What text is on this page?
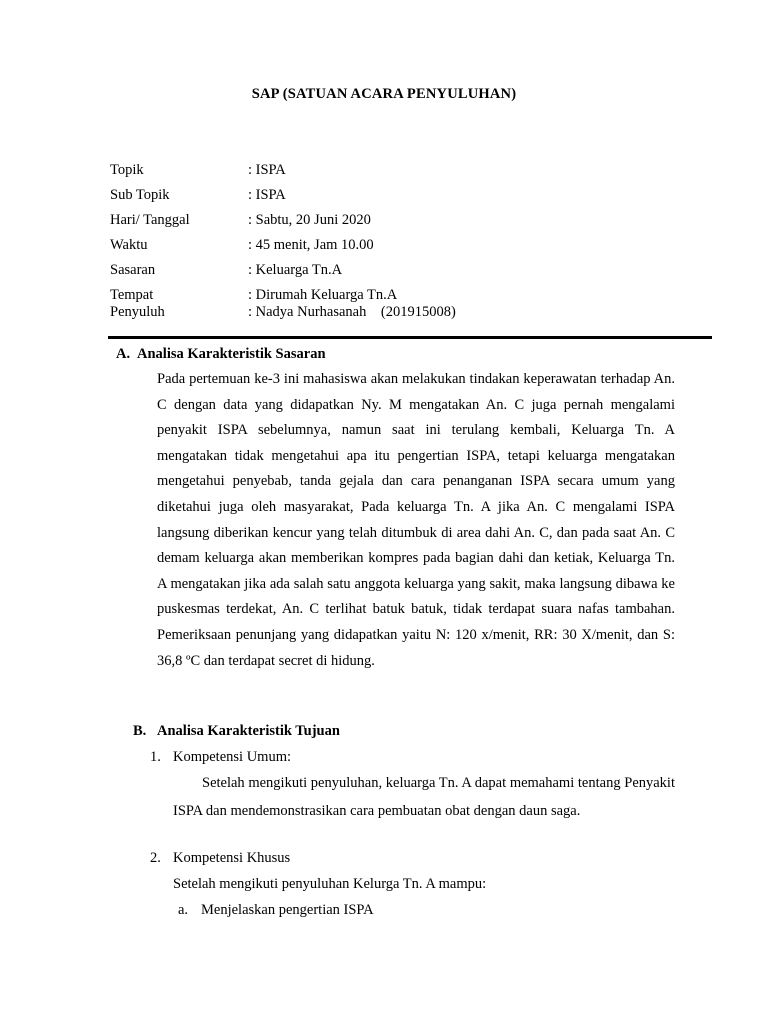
SAP (SATUAN ACARA PENYULUHAN)
Topik	: ISPA
Sub Topik	: ISPA
Hari/ Tanggal	: Sabtu, 20 Juni 2020
Waktu	: 45 menit, Jam 10.00
Sasaran	: Keluarga Tn.A
Tempat	: Dirumah Keluarga Tn.A
Penyuluh	: Nadya Nurhasanah    (201915008)
A. Analisa Karakteristik Sasaran

Pada pertemuan ke-3 ini mahasiswa akan melakukan tindakan keperawatan terhadap An. C dengan data yang didapatkan Ny. M mengatakan An. C juga pernah mengalami penyakit ISPA sebelumnya, namun saat ini terulang kembali, Keluarga Tn. A mengatakan tidak mengetahui apa itu pengertian ISPA, tetapi keluarga mengatakan mengetahui penyebab, tanda gejala dan cara penanganan ISPA secara umum yang diketahui juga oleh masyarakat, Pada keluarga Tn. A jika An. C mengalami ISPA langsung diberikan kencur yang telah ditumbuk di area dahi An. C, dan pada saat An. C demam keluarga akan memberikan kompres pada bagian dahi dan ketiak, Keluarga Tn. A mengatakan jika ada salah satu anggota keluarga yang sakit, maka langsung dibawa ke puskesmas terdekat, An. C terlihat batuk batuk, tidak terdapat suara nafas tambahan. Pemeriksaan penunjang yang didapatkan yaitu N: 120 x/menit, RR: 30 X/menit, dan S: 36,8 ºC dan terdapat secret di hidung.

B. Analisa Karakteristik Tujuan
1. Kompetensi Umum:

Setelah mengikuti penyuluhan, keluarga Tn. A dapat memahami tentang Penyakit ISPA dan mendemonstrasikan cara pembuatan obat dengan daun saga.

2. Kompetensi Khusus
Setelah mengikuti penyuluhan Kelurga Tn. A mampu:
a. Menjelaskan pengertian ISPA
